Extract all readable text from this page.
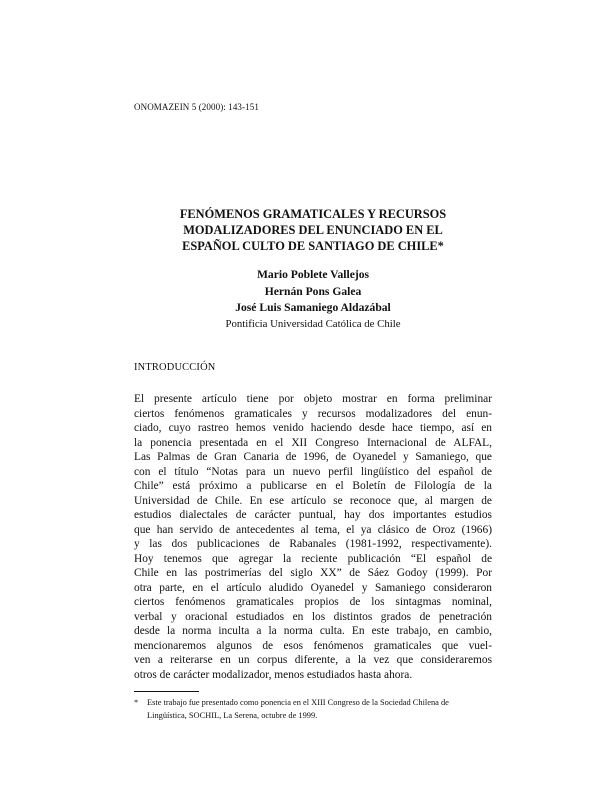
ONOMAZEIN 5 (2000): 143-151
FENÓMENOS GRAMATICALES Y RECURSOS
MODALIZADORES DEL ENUNCIADO EN EL
ESPAÑOL CULTO DE SANTIAGO DE CHILE*
Mario Poblete Vallejos
Hernán Pons Galea
José Luis Samaniego Aldazábal
Pontificia Universidad Católica de Chile
INTRODUCCIÓN
El presente artículo tiene por objeto mostrar en forma preliminar
ciertos fenómenos gramaticales y recursos modalizadores del enun-
ciado, cuyo rastreo hemos venido haciendo desde hace tiempo, así en
la ponencia presentada en el XII Congreso Internacional de ALFAL,
Las Palmas de Gran Canaria de 1996, de Oyanedel y Samaniego, que
con el título “Notas para un nuevo perfil lingüístico del español de
Chile” está próximo a publicarse en el Boletín de Filología de la
Universidad de Chile. En ese artículo se reconoce que, al margen de
estudios dialectales de carácter puntual, hay dos importantes estudios
que han servido de antecedentes al tema, el ya clásico de Oroz (1966)
y las dos publicaciones de Rabanales (1981-1992, respectivamente).
Hoy tenemos que agregar la reciente publicación “El español de
Chile en las postrimerías del siglo XX” de Sáez Godoy (1999). Por
otra parte, en el artículo aludido Oyanedel y Samaniego consideraron
ciertos fenómenos gramaticales propios de los sintagmas nominal,
verbal y oracional estudiados en los distintos grados de penetración
desde la norma inculta a la norma culta. En este trabajo, en cambio,
mencionaremos algunos de esos fenómenos gramaticales que vuel-
ven a reiterarse en un corpus diferente, a la vez que consideraremos
otros de carácter modalizador, menos estudiados hasta ahora.
*	Este trabajo fue presentado como ponencia en el XIII Congreso de la Sociedad Chilena de
Lingüística, SOCHIL, La Serena, octubre de 1999.
